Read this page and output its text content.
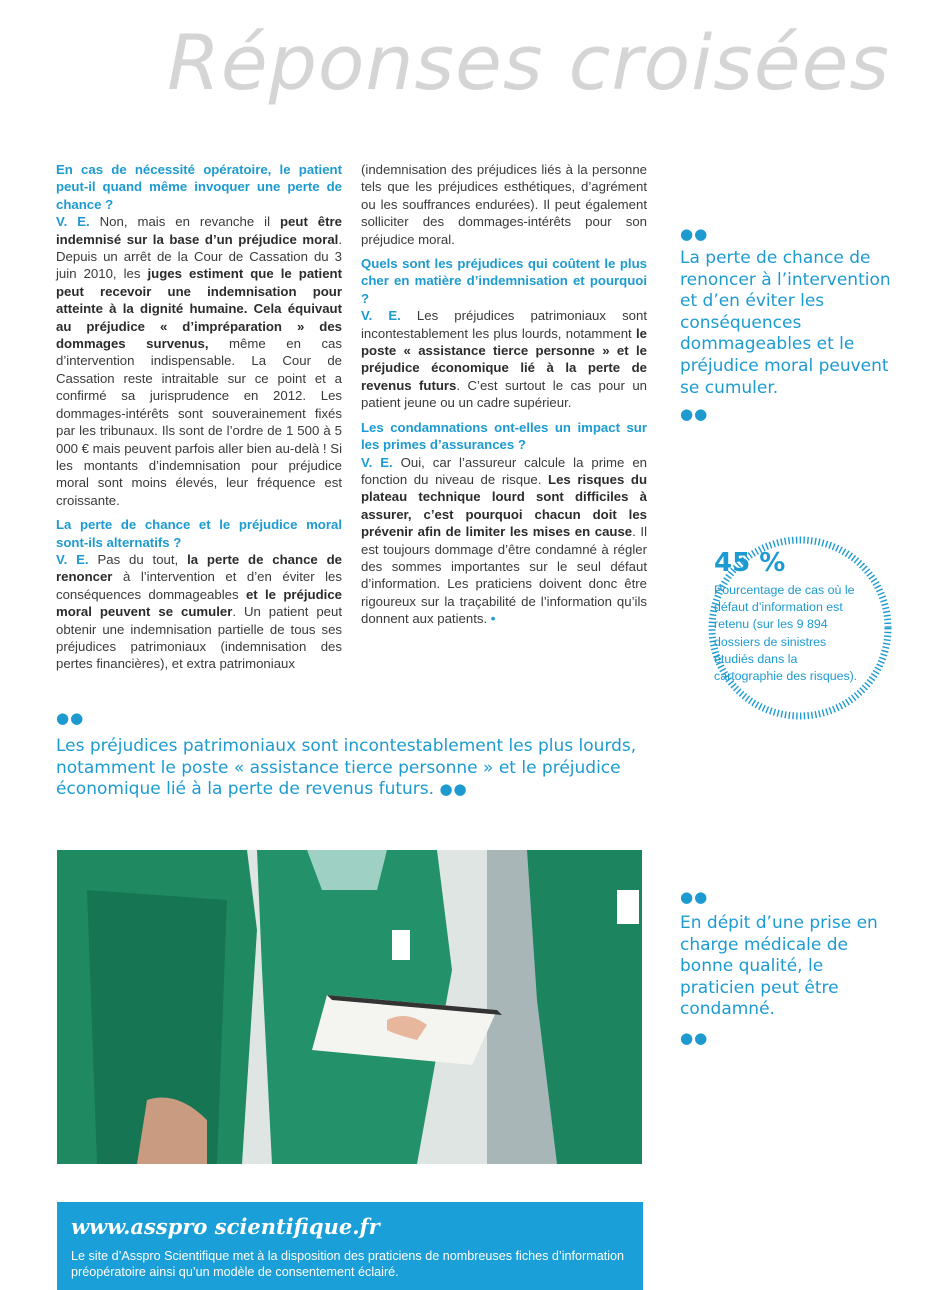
Réponses croisées

En cas de nécessité opératoire, le patient peut-il quand même invoquer une perte de chance ?

V. E. Non, mais en revanche il peut être indemnisé sur la base d’un préjudice moral. Depuis un arrêt de la Cour de Cassation du 3 juin 2010, les juges estiment que le patient peut recevoir une indemnisation pour atteinte à la dignité humaine. Cela équivaut au préjudice « d’impréparation » des dommages survenus, même en cas d’intervention indispensable. La Cour de Cassation reste intraitable sur ce point et a confirmé sa jurisprudence en 2012. Les dommages-intérêts sont souverainement fixés par les tribunaux. Ils sont de l’ordre de 1 500 à 5 000 € mais peuvent parfois aller bien au-delà ! Si les montants d’indemnisation pour préjudice moral sont moins élevés, leur fréquence est croissante.

La perte de chance et le préjudice moral sont-ils alternatifs ?

V. E. Pas du tout, la perte de chance de renoncer à l’intervention et d’en éviter les conséquences dommageables et le préjudice moral peuvent se cumuler. Un patient peut obtenir une indemnisation partielle de tous ses préjudices patrimoniaux (indemnisation des pertes financières), et extra patrimoniaux

(indemnisation des préjudices liés à la personne tels que les préjudices esthétiques, d’agrément ou les souffrances endurées). Il peut également solliciter des dommages-intérêts pour son préjudice moral.

Quels sont les préjudices qui coûtent le plus cher en matière d’indemnisation et pourquoi ?

V. E. Les préjudices patrimoniaux sont incontestablement les plus lourds, notamment le poste « assistance tierce personne » et le préjudice économique lié à la perte de revenus futurs. C’est surtout le cas pour un patient jeune ou un cadre supérieur.

Les condamnations ont-elles un impact sur les primes d’assurances ?

V. E. Oui, car l’assureur calcule la prime en fonction du niveau de risque. Les risques du plateau technique lourd sont difficiles à assurer, c’est pourquoi chacun doit les prévenir afin de limiter les mises en cause. Il est toujours dommage d’être condamné à régler des sommes importantes sur le seul défaut d’information. Les praticiens doivent donc être rigoureux sur la traçabilité de l’information qu’ils donnent aux patients. •

●●
La perte de chance de renoncer à l’intervention et d’en éviter les conséquences dommageables et le préjudice moral peuvent se cumuler.
●●
45 %
Pourcentage de cas où le défaut d’information est retenu (sur les 9 894 dossiers de sinistres étudiés dans la cartographie des risques).
●●
Les préjudices patrimoniaux sont incontestablement les plus lourds, notamment le poste « assistance tierce personne » et le préjudice économique lié à la perte de revenus futurs. ●●
●●
En dépit d’une prise en charge médicale de bonne qualité, le praticien peut être condamné.
●●
www.asspro scientifique.fr
Le site d’Asspro Scientifique met à la disposition des praticiens de nombreuses fiches d’information préopératoire ainsi qu’un modèle de consentement éclairé.
